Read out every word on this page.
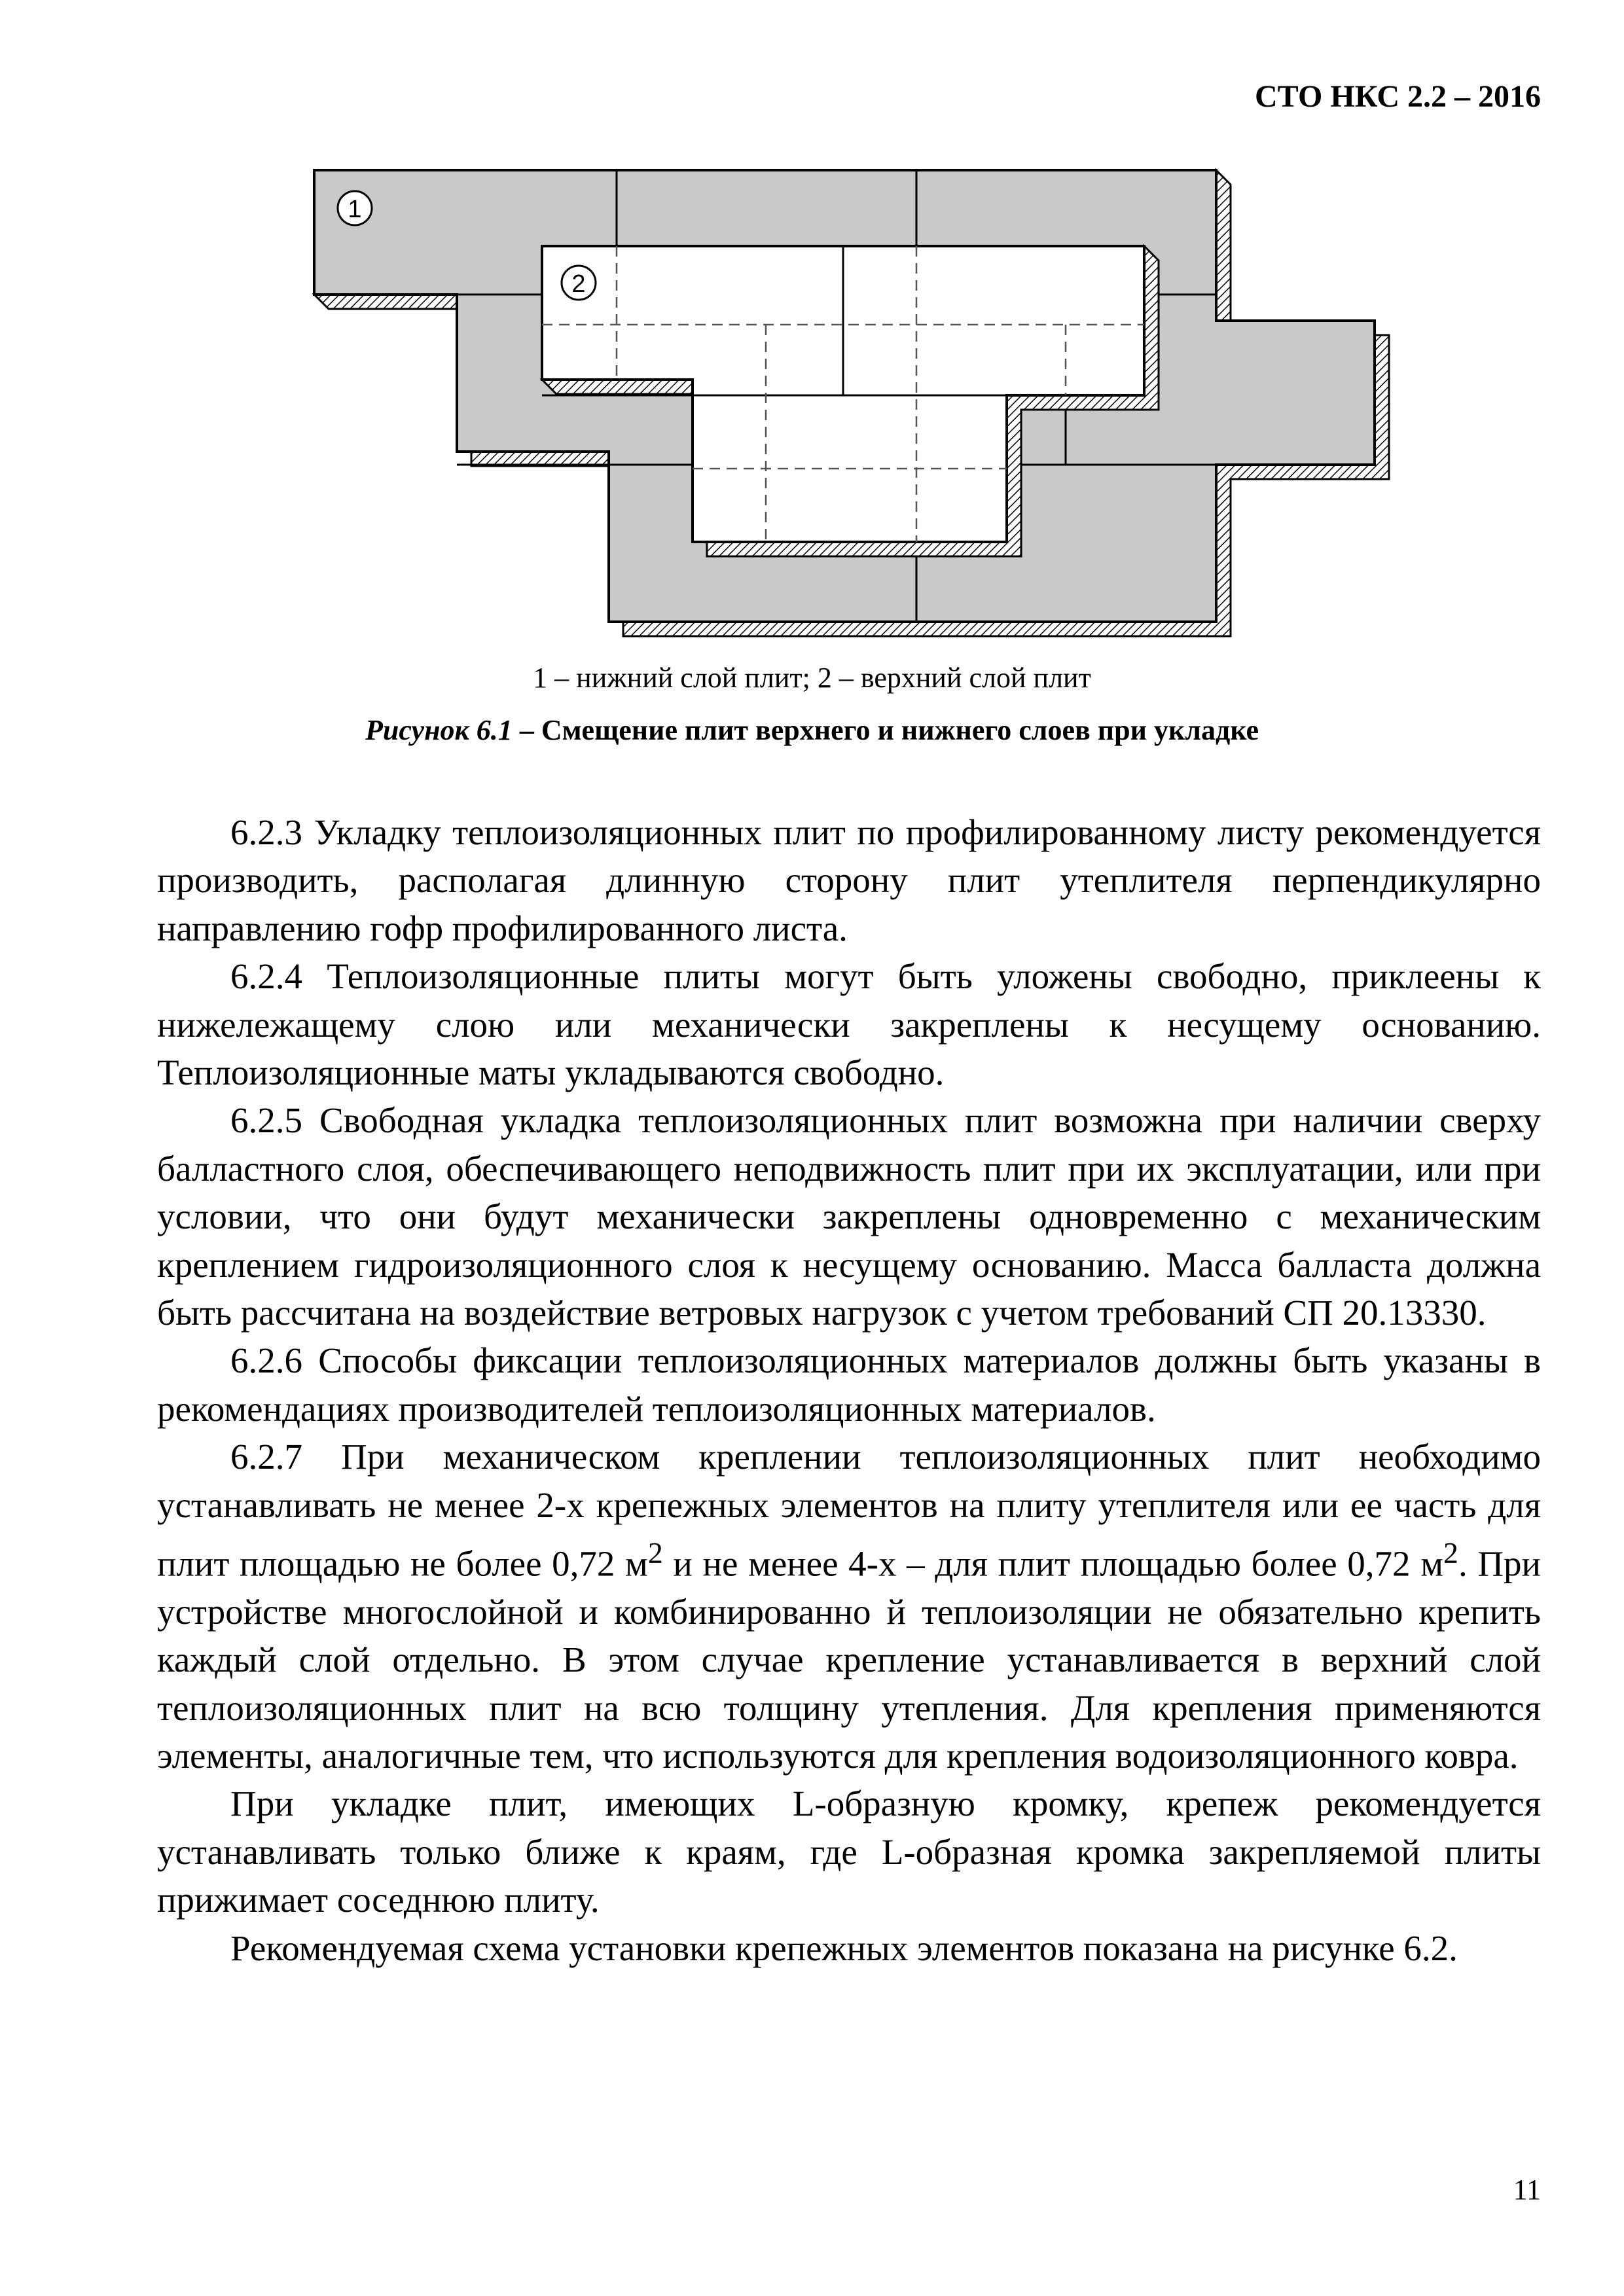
СТО НКС 2.2 – 2016
1
2
1 – нижний слой плит; 2 – верхний слой плит
Рисунок 6.1 – Смещение плит верхнего и нижнего слоев при укладке

6.2.3 Укладку теплоизоляционных плит по профилированному листу рекомендуется производить, располагая длинную сторону плит утеплителя перпендикулярно направлению гофр профилированного листа.

6.2.4 Теплоизоляционные плиты могут быть уложены свободно, приклеены к нижележащему слою или механически закреплены к несущему основанию. Теплоизоляционные маты укладываются свободно.

6.2.5 Свободная укладка теплоизоляционных плит возможна при наличии сверху балластного слоя, обеспечивающего неподвижность плит при их эксплуатации, или при условии, что они будут механически закреплены одновременно с механическим креплением гидроизоляционного слоя к несущему основанию. Масса балласта должна быть рассчитана на воздействие ветровых нагрузок с учетом требований СП 20.13330.

6.2.6 Способы фиксации теплоизоляционных материалов должны быть указаны в рекомендациях производителей теплоизоляционных материалов.

6.2.7 При механическом креплении теплоизоляционных плит необходимо устанавливать не менее 2-х крепежных элементов на плиту утеплителя или ее часть для плит площадью не более 0,72 $м^2$ и не менее 4-х – для плит площадью более 0,72 $м^2$. При устройстве многослойной и комбинированно й теплоизоляции не обязательно крепить каждый слой отдельно. В этом случае крепление устанавливается в верхний слой теплоизоляционных плит на всю толщину утепления. Для крепления применяются элементы, аналогичные тем, что используются для крепления водоизоляционного ковра.

При укладке плит, имеющих L-образную кромку, крепеж рекомендуется устанавливать только ближе к краям, где L-образная кромка закрепляемой плиты прижимает соседнюю плиту.

Рекомендуемая схема установки крепежных элементов показана на рисунке 6.2.

11
